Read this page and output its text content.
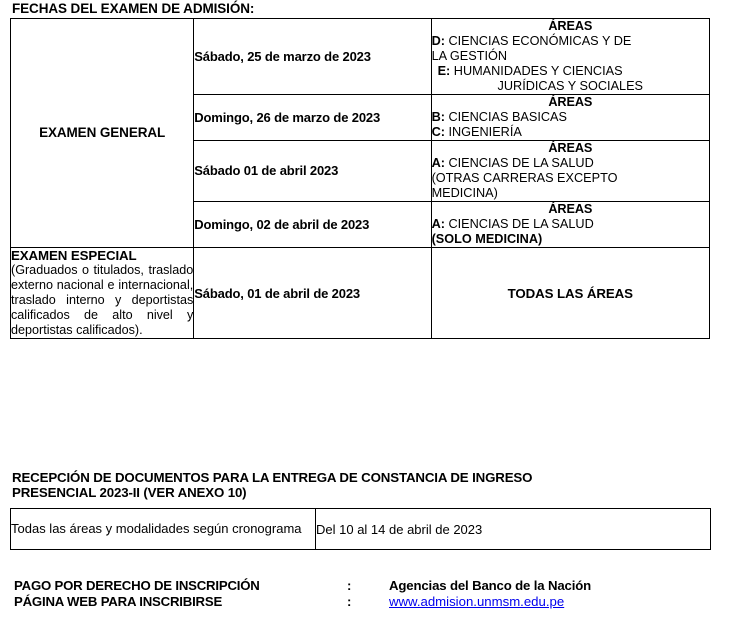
FECHAS DEL EXAMEN DE ADMISIÓN:
EXAMEN GENERAL	Sábado, 25 de marzo de 2023	ÁREAS
D: CIENCIAS ECONÓMICAS Y DE
LA GESTIÓN
E: HUMANIDADES Y CIENCIAS
JURÍDICAS Y SOCIALES

	Domingo, 26 de marzo de 2023	ÁREAS
B: CIENCIAS BASICAS
C: INGENIERÍA

	Sábado 01 de abril 2023	ÁREAS
A: CIENCIAS DE LA SALUD
(OTRAS CARRERAS EXCEPTO
MEDICINA)

	Domingo, 02 de abril de 2023	ÁREAS
A: CIENCIAS DE LA SALUD
(SOLO MEDICINA)

EXAMEN ESPECIAL
(Graduados o titulados, traslado externo nacional e internacional, traslado interno y deportistas calificados de alto nivel y deportistas calificados).	Sábado, 01 de abril de 2023	TODAS LAS ÁREAS
RECEPCIÓN DE DOCUMENTOS PARA LA ENTREGA DE CONSTANCIA DE INGRESO
PRESENCIAL 2023-II (VER ANEXO 10)
Todas las áreas y modalidades según cronograma	Del 10 al 14 de abril de 2023
PAGO POR DERECHO DE INSCRIPCIÓN	:	Agencias del Banco de la Nación
PÁGINA WEB PARA INSCRIBIRSE	:	www.admision.unmsm.edu.pe
